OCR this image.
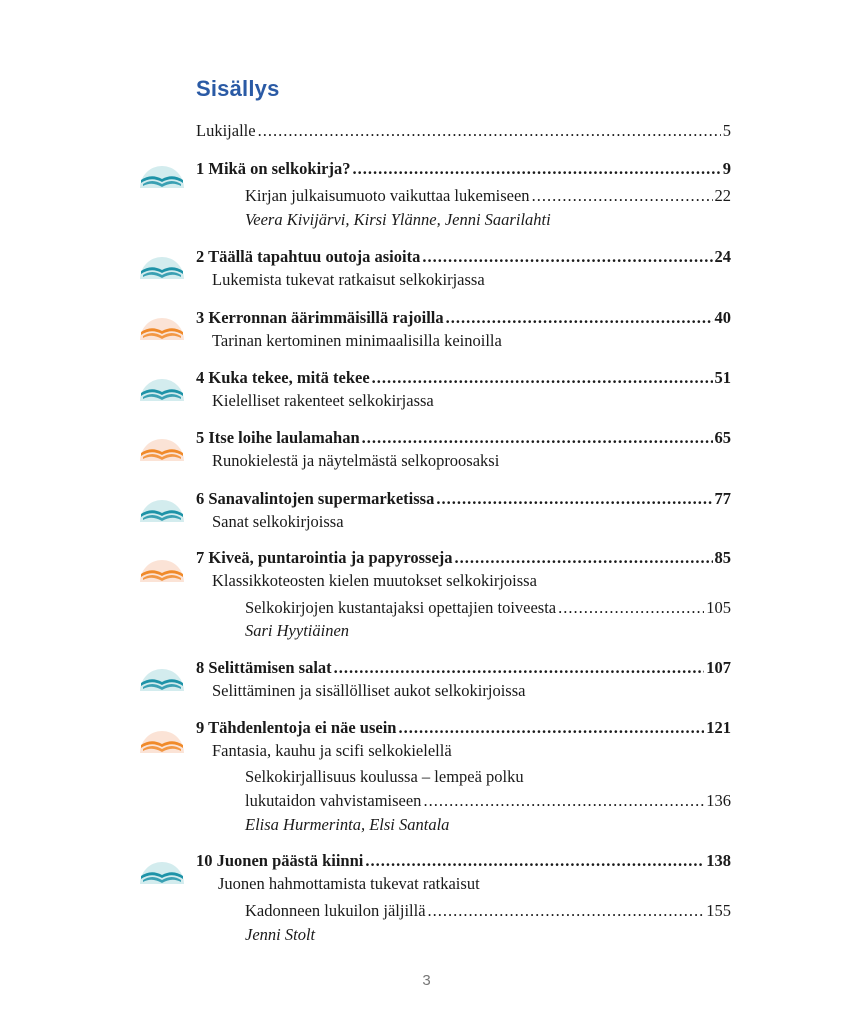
Sisällys
Lukijalle .....	5
1 Mikä on selkokirja? .....	9
Kirjan julkaisumuoto vaikuttaa lukemiseen .....	22
Veera Kivijärvi, Kirsi Ylänne, Jenni Saarilahti
2 Täällä tapahtuu outoja asioita .....	24
Lukemista tukevat ratkaisut selkokirjassa
3 Kerronnan äärimmäisillä rajoilla .....	40
Tarinan kertominen minimaalisilla keinoilla
4 Kuka tekee, mitä tekee .....	51
Kielelliset rakenteet selkokirjassa
5 Itse loihe laulamahan .....	65
Runokielestä ja näytelmästä selkoproosaksi
6 Sanavalintojen supermarketissa .....	77
Sanat selkokirjoissa
7 Kiveä, puntarointia ja papyrosseja .....	85
Klassikkoteosten kielen muutokset selkokirjoissa
Selkokirjojen kustantajaksi opettajien toiveesta .....	105
Sari Hyytiäinen
8 Selittämisen salat .....	107
Selittäminen ja sisällölliset aukot selkokirjoissa
9 Tähdenlentoja ei näe usein .....	121
Fantasia, kauhu ja scifi selkokielellä
Selkokirjallisuus koulussa – lempeä polku
lukutaidon vahvistamiseen .....	136
Elisa Hurmerinta, Elsi Santala
10 Juonen päästä kiinni .....	138
Juonen hahmottamista tukevat ratkaisut
Kadonneen lukuilon jäljillä .....	155
Jenni Stolt
3
